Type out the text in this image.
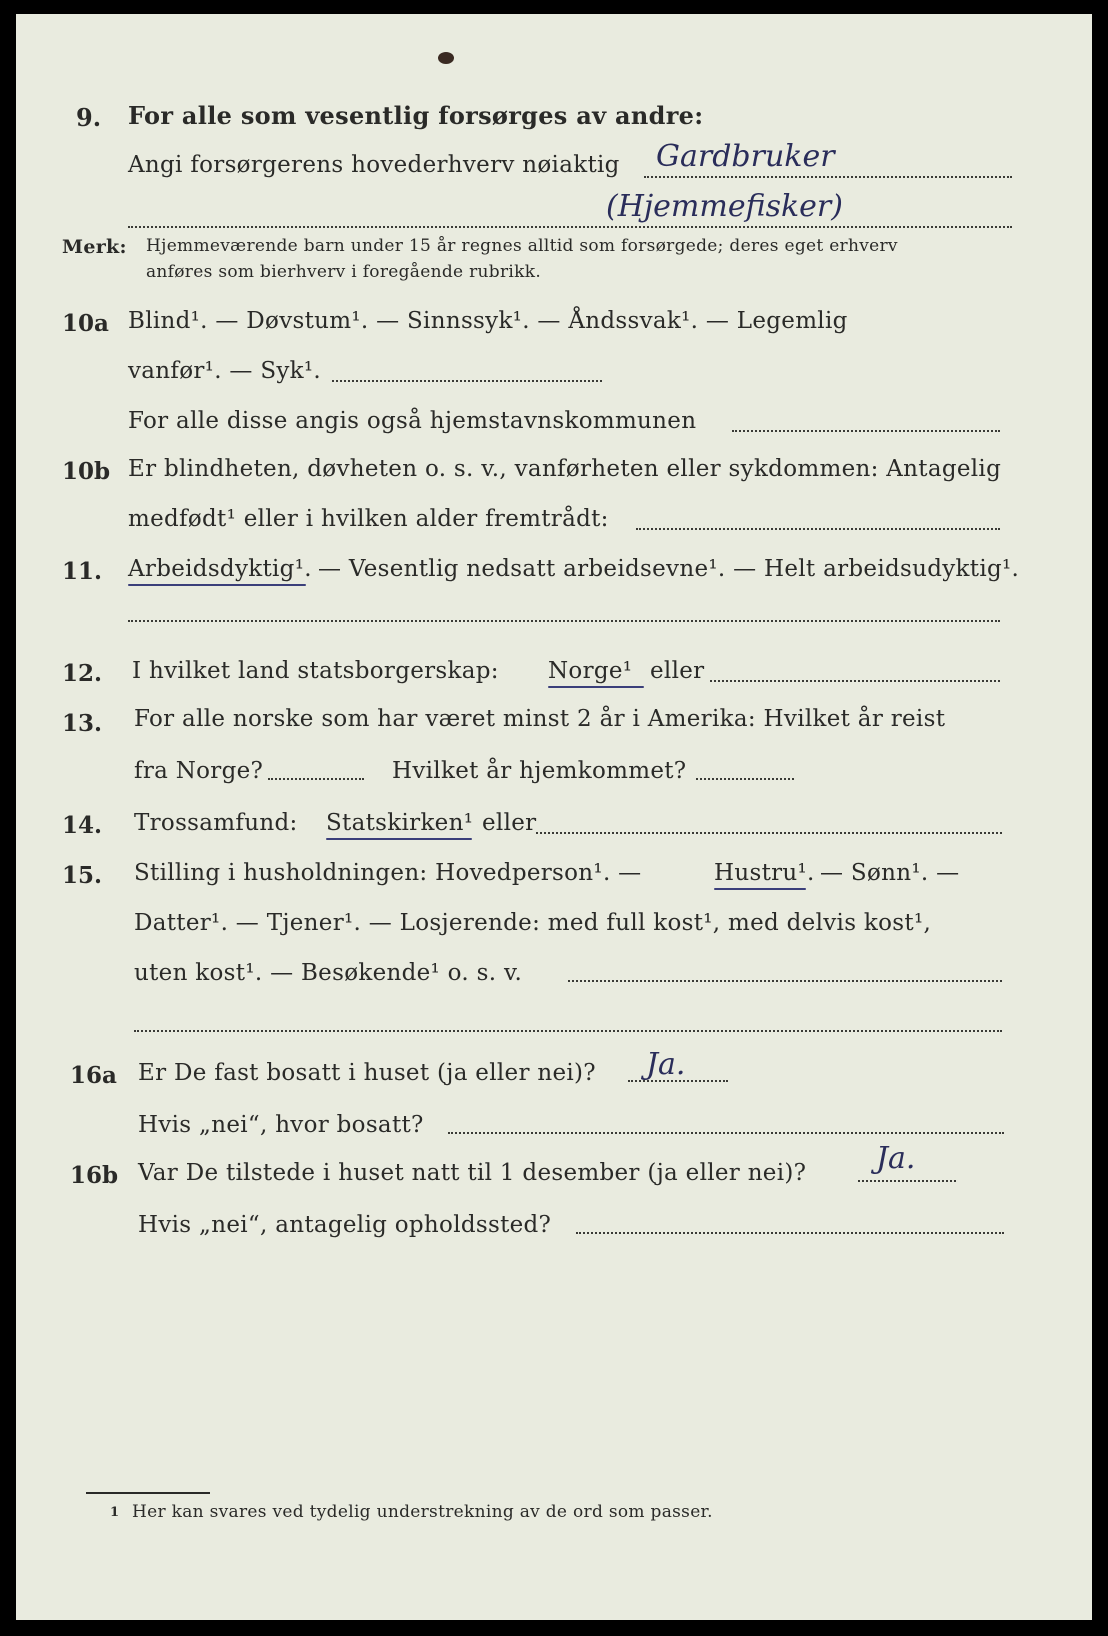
9. For alle som vesentlig forsørges av andre:
Angi forsørgerens hovederhverv nøiaktig Gardbruker
(Hjemmefisker)
Merk: Hjemmeværende barn under 15 år regnes alltid som forsørgede; deres eget erhverv
anføres som bierhverv i foregående rubrikk.
10a Blind¹. — Døvstum¹. — Sinnssyk¹. — Åndssvak¹. — Legemlig
vanfør¹. — Syk¹.
For alle disse angis også hjemstavnskommunen
10b Er blindheten, døvheten o. s. v., vanførheten eller sykdommen: Antagelig
medfødt¹ eller i hvilken alder fremtrådt:
11. Arbeidsdyktig¹. — Vesentlig nedsatt arbeidsevne¹. — Helt arbeidsudyktig¹.
12. I hvilket land statsborgerskap: Norge¹ eller
13. For alle norske som har været minst 2 år i Amerika: Hvilket år reist
fra Norge?	Hvilket år hjemkommet?
14. Trossamfund: Statskirken¹ eller
15. Stilling i husholdningen: Hovedperson¹. —	Hustru¹. — Sønn¹. —
Datter¹. — Tjener¹. — Losjerende: med full kost¹, med delvis kost¹,
uten kost¹. — Besøkende¹ o. s. v.
16a Er De fast bosatt i huset (ja eller nei)? Ja.
Hvis „nei“, hvor bosatt?
16b Var De tilstede i huset natt til 1 desember (ja eller nei)? Ja.
Hvis „nei“, antagelig opholdssted?
1 Her kan svares ved tydelig understrekning av de ord som passer.
